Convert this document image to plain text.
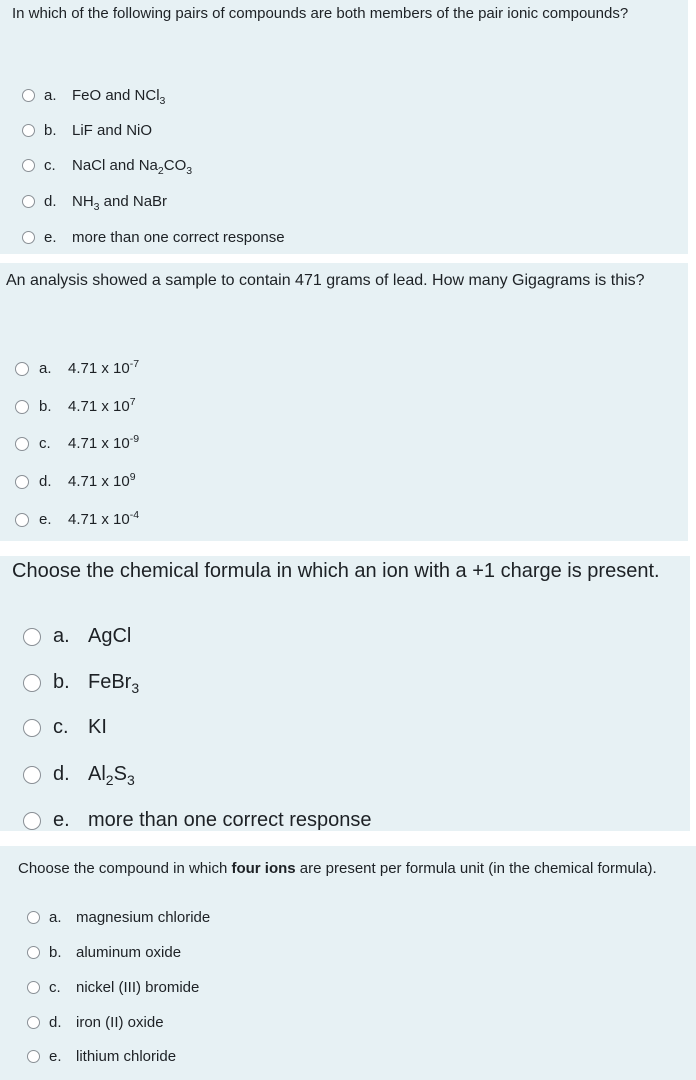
In which of the following pairs of compounds are both members of the pair ionic compounds?
a.	FeO and NCl$_3$
b.	LiF and NiO
c.	NaCl and $Na_2CO_3$
d.	$NH_3$ and NaBr
e.	more than one correct response
An analysis showed a sample to contain 471 grams of lead. How many Gigagrams is this?
a.	4.71 x $10^{-7}$
b.	4.71 x $10^7$
c.	4.71 x $10^{-9}$
d.	4.71 x $10^9$
e.	4.71 x $10^{-4}$
Choose the chemical formula in which an ion with a +1 charge is present.
a. AgCl
b. FeBr$_3$
c. KI
d. $Al_2S_3$
e. more than one correct response
Choose the compound in which four ions are present per formula unit (in the chemical formula).
a. magnesium chloride
b. aluminum oxide
c.	nickel (III) bromide
d. iron (II) oxide
e. lithium chloride
